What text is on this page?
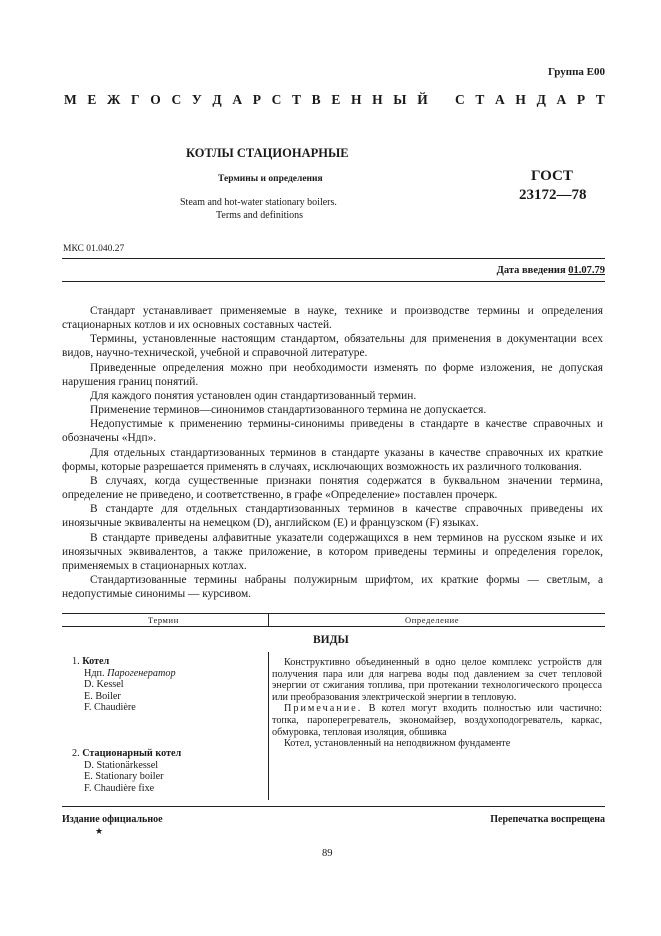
Группа Е00
М Е Ж Г О С У Д А Р С Т В Е Н Н Ы Й С Т А Н Д А Р Т
КОТЛЫ СТАЦИОНАРНЫЕ
Термины и определения
Steam and hot-water stationary boilers.
Terms and definitions
ГОСТ
23172—78
МКС 01.040.27
Дата введения 01.07.79

Стандарт устанавливает применяемые в науке, технике и производстве термины и определения стационарных котлов и их основных составных частей.

Термины, установленные настоящим стандартом, обязательны для применения в документации всех видов, научно-технической, учебной и справочной литературе.

Приведенные определения можно при необходимости изменять по форме изложения, не допуская нарушения границ понятий.

Для каждого понятия установлен один стандартизованный термин.

Применение терминов—синонимов стандартизованного термина не допускается.

Недопустимые к применению термины-синонимы приведены в стандарте в качестве справочных и обозначены «Ндп».

Для отдельных стандартизованных терминов в стандарте указаны в качестве справочных их краткие формы, которые разрешается применять в случаях, исключающих возможность их различного толкования.

В случаях, когда существенные признаки понятия содержатся в буквальном значении термина, определение не приведено, и соответственно, в графе «Определение» поставлен прочерк.

В стандарте для отдельных стандартизованных терминов в качестве справочных приведены их иноязычные эквиваленты на немецком (D), английском (E) и французском (F) языках.

В стандарте приведены алфавитные указатели содержащихся в нем терминов на русском языке и их иноязычных эквивалентов, а также приложение, в котором приведены термины и определения горелок, применяемых в стационарных котлах.

Стандартизованные термины набраны полужирным шрифтом, их краткие формы — светлым, а недопустимые синонимы — курсивом.

Термин	Определение
ВИДЫ
1. Котел
Ндп. Парогенератор
D. Kessel
E. Boiler
F. Chaudière
2. Стационарный котел
D. Stationärkessel
E. Stationary boiler
F. Chaudière fixe

Конструктивно объединенный в одно целое комплекс устройств для получения пара или для нагрева воды под давлением за счет тепловой энергии от сжигания топлива, при протекании технологического процесса или преобразования электрической энергии в тепловую.

Примечание. В котел могут входить полностью или частично: топка, пароперегреватель, экономайзер, воздухоподогреватель, каркас, обмуровка, тепловая изоляция, обшивка

Котел, установленный на неподвижном фундаменте

Издание официальное	Перепечатка воспрещена
★
89
